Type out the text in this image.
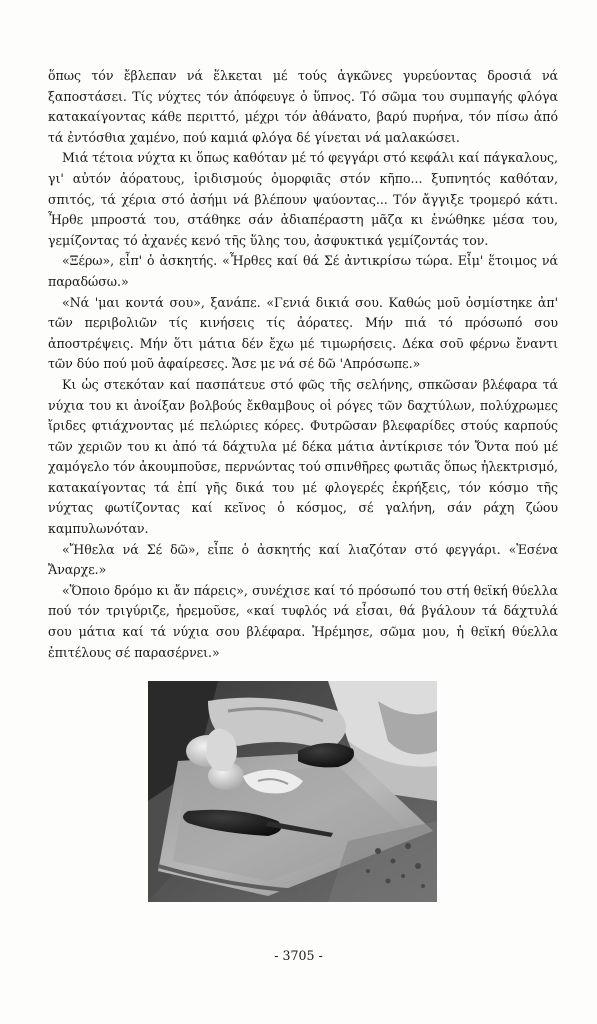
ὅπως τόν ἔβλεπαν νά ἕλκεται μέ τούς ἀγκῶνες γυρεύοντας δροσιά νά ξαποστάσει. Τίς νύχτες τόν ἀπόφευγε ὁ ὕπνος. Τό σῶμα του συμπαγής φλόγα κατακαίγοντας κάθε περιττό, μέχρι τόν ἀθάνατο, βαρύ πυρήνα, τόν πίσω ἀπό τά ἐντόσθια χαμένο, πού καμιά φλόγα δέ γίνεται νά μαλακώσει.

Μιά τέτοια νύχτα κι ὅπως καθόταν μέ τό φεγγάρι στό κεφάλι καί πάγκαλους, γι' αὐτόν ἀόρατους, ἰριδισμούς ὀμορφιᾶς στόν κῆπο... ξυπνητός καθόταν, σπιτός, τά χέρια στό ἀσήμι νά βλέπουν ψαύοντας... Τόν ἄγγιξε τρομερό κάτι. Ἦρθε μπροστά του, στάθηκε σάν ἀδιαπέραστη μᾶζα κι ἑνώθηκε μέσα του, γεμίζοντας τό ἀχανές κενό τῆς ὕλης του, ἀσφυκτικά γεμίζοντάς τον.

«Ξέρω», εἶπ' ὁ ἀσκητής. «Ἦρθες καί θά Σέ ἀντικρίσω τώρα. Εἶμ' ἕτοιμος νά παραδώσω.»

«Νά 'μαι κοντά σου», ξανάπε. «Γενιά δικιά σου. Καθώς μοῦ ὀσμίστηκε ἀπ' τῶν περιβολιῶν τίς κινήσεις τίς ἀόρατες. Μήν πιά τό πρόσωπό σου ἀποστρέψεις. Μήν ὅτι μάτια δέν ἔχω μέ τιμωρήσεις. Δέκα σοῦ φέρνω ἔναντι τῶν δύο πού μοῦ ἀφαίρεσες. Ἄσε με νά σέ δῶ 'Απρόσωπε.»

Κι ὡς στεκόταν καί πασπάτευε στό φῶς τῆς σελήνης, σπκῶσαν βλέφαρα τά νύχια του κι ἀνοίξαν βολβούς ἔκθαμβους οἱ ρόγες τῶν δαχτύλων, πολύχρωμες ἴριδες φτιάχνοντας μέ πελώριες κόρες. Φυτρῶσαν βλεφαρίδες στούς καρπούς τῶν χεριῶν του κι ἀπό τά δάχτυλα μέ δέκα μάτια ἀντίκρισε τόν Ὄντα πού μέ χαμόγελο τόν ἀκουμποῦσε, περνώντας τού σπινθῆρες φωτιᾶς ὅπως ἠλεκτρισμό, κατακαίγοντας τά ἐπί γῆς δικά του μέ φλογερές ἐκρήξεις, τόν κόσμο τῆς νύχτας φωτίζοντας καί κεῖνος ὁ κόσμος, σέ γαλήνη, σάν ράχη ζώου καμπυλωνόταν.

«Ἤθελα νά Σέ δῶ», εἶπε ὁ ἀσκητής καί λιαζόταν στό φεγγάρι. «Ἐσένα Ἄναρχε.»

«Ὅποιο δρόμο κι ἄν πάρεις», συνέχισε καί τό πρόσωπό του στή θεϊκή θύελλα πού τόν τριγύριζε, ἠρεμοῦσε, «καί τυφλός νά εἶσαι, θά βγάλουν τά δάχτυλά σου μάτια καί τά νύχια σου βλέφαρα. Ἠρέμησε, σῶμα μου, ἡ θεϊκή θύελλα ἐπιτέλους σέ παρασέρνει.»

- 3705 -
